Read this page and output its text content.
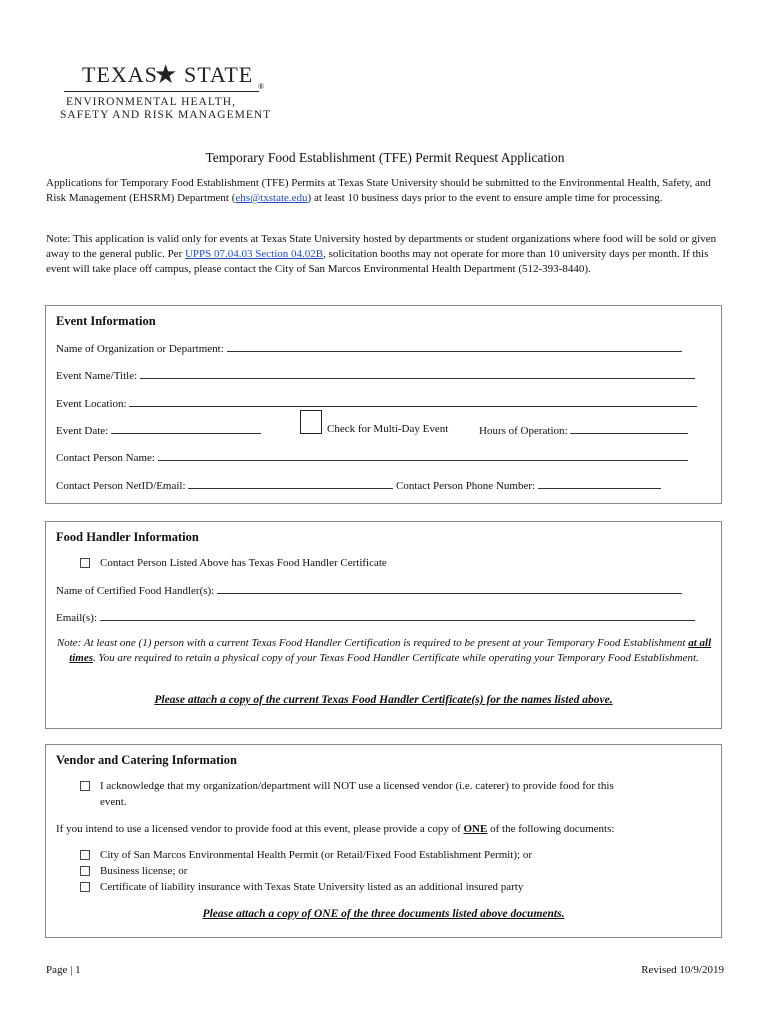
TEXAS
★ STATE ®
ENVIRONMENTAL HEALTH,
SAFETY AND RISK MANAGEMENT
Temporary Food Establishment (TFE) Permit Request Application
Applications for Temporary Food Establishment (TFE) Permits at Texas State University should be submitted to the Environmental Health, Safety, and Risk Management (EHSRM) Department (ehs@txstate.edu) at least 10 business days prior to the event to ensure ample time for processing.
Note: This application is valid only for events at Texas State University hosted by departments or student organizations where food will be sold or given away to the general public. Per UPPS 07.04.03 Section 04.02B, solicitation booths may not operate for more than 10 university days per month. If this event will take place off campus, please contact the City of San Marcos Environmental Health Department (512-393-8440).
Event Information
Name of Organization or Department:
Event Name/Title:
Event Location:
Event Date:	Check for Multi-Day Event	Hours of Operation:
Contact Person Name:
Contact Person NetID/Email:	Contact Person Phone Number:
Food Handler Information
Contact Person Listed Above has Texas Food Handler Certificate
Name of Certified Food Handler(s):
Email(s):
Note: At least one (1) person with a current Texas Food Handler Certification is required to be present at your Temporary Food Establishment at all times. You are required to retain a physical copy of your Texas Food Handler Certificate while operating your Temporary Food Establishment.
Please attach a copy of the current Texas Food Handler Certificate(s) for the names listed above.
Vendor and Catering Information
I acknowledge that my organization/department will NOT use a licensed vendor (i.e. caterer) to provide food for this
event.
If you intend to use a licensed vendor to provide food at this event, please provide a copy of ONE of the following documents:
City of San Marcos Environmental Health Permit (or Retail/Fixed Food Establishment Permit); or
Business license; or
Certificate of liability insurance with Texas State University listed as an additional insured party
Please attach a copy of ONE of the three documents listed above documents.
Page | 1	Revised 10/9/2019
